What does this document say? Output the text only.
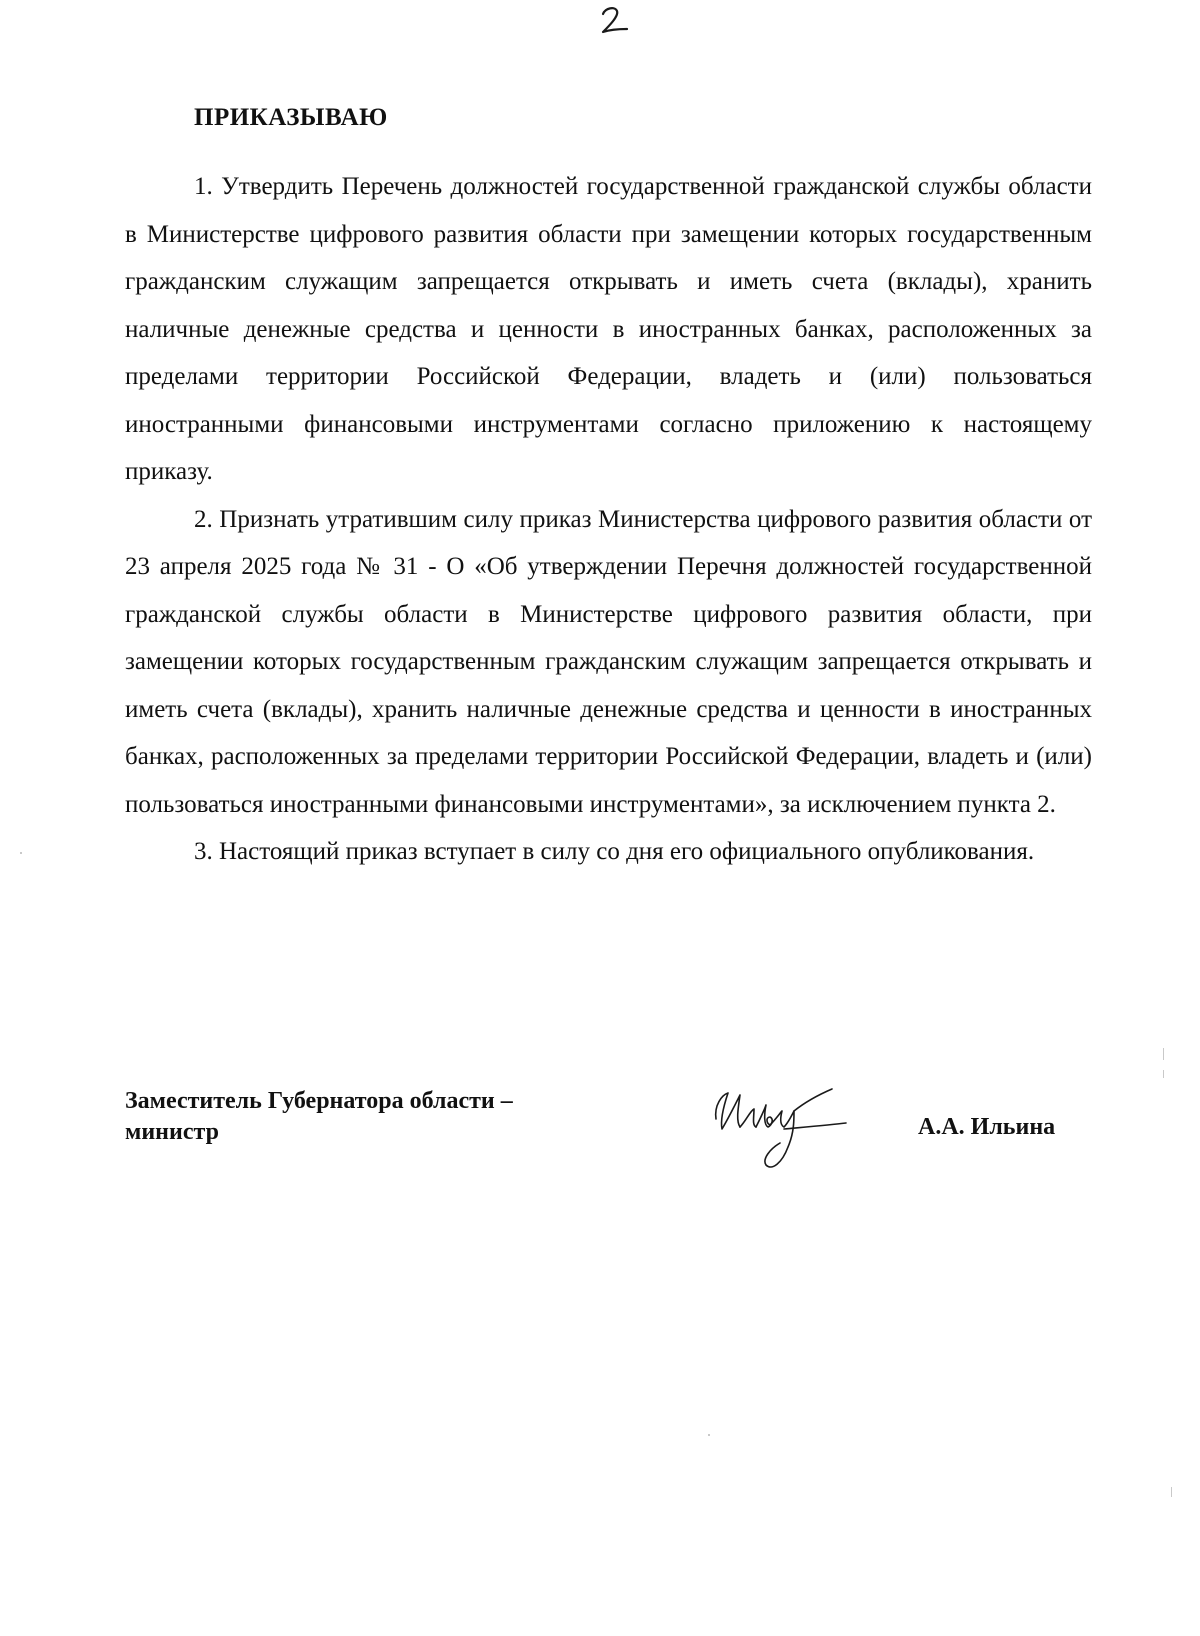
ПРИКАЗЫВАЮ

1. Утвердить Перечень должностей государственной гражданской службы области в Министерстве цифрового развития области при замещении которых государственным гражданским служащим запрещается открывать и иметь счета (вклады), хранить наличные денежные средства и ценности в иностранных банках, расположенных за пределами территории Российской Федерации, владеть и (или) пользоваться иностранными финансовыми инструментами согласно приложению к настоящему приказу.

2. Признать утратившим силу приказ Министерства цифрового развития области от 23 апреля 2025 года № 31 - О «Об утверждении Перечня должностей государственной гражданской службы области в Министерстве цифрового развития области, при замещении которых государственным гражданским служащим запрещается открывать и иметь счета (вклады), хранить наличные денежные средства и ценности в иностранных банках, расположенных за пределами территории Российской Федерации, владеть и (или) пользоваться иностранными финансовыми инструментами», за исключением пункта 2.

3. Настоящий приказ вступает в силу со дня его официального опубликования.

Заместитель Губернатора области –
министр	А.А. Ильина
